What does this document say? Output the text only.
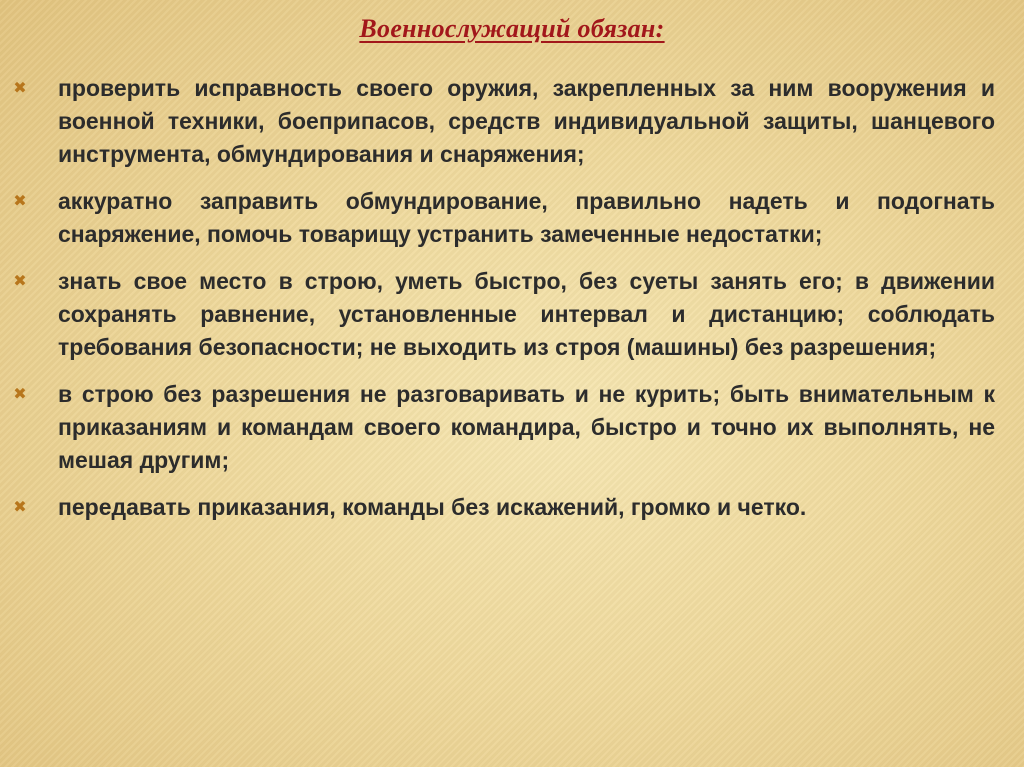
Военнослужащий обязан:
✖	проверить исправность своего оружия, закрепленных за ним вооружения и военной техники, боеприпасов, средств индивидуальной защиты, шанцевого инструмента, обмундирования и снаряжения;
✖	аккуратно заправить обмундирование, правильно надеть и подогнать снаряжение, помочь товарищу устранить замеченные недостатки;
✖	знать свое место в строю, уметь быстро, без суеты занять его; в движении сохранять равнение, установленные интервал и дистанцию; соблюдать требования безопасности; не выходить из строя (машины) без разрешения;
✖	в строю без разрешения не разговаривать и не курить; быть внимательным к приказаниям и командам своего командира, быстро и точно их выполнять, не мешая другим;
✖	передавать приказания, команды без искажений, громко и четко.
